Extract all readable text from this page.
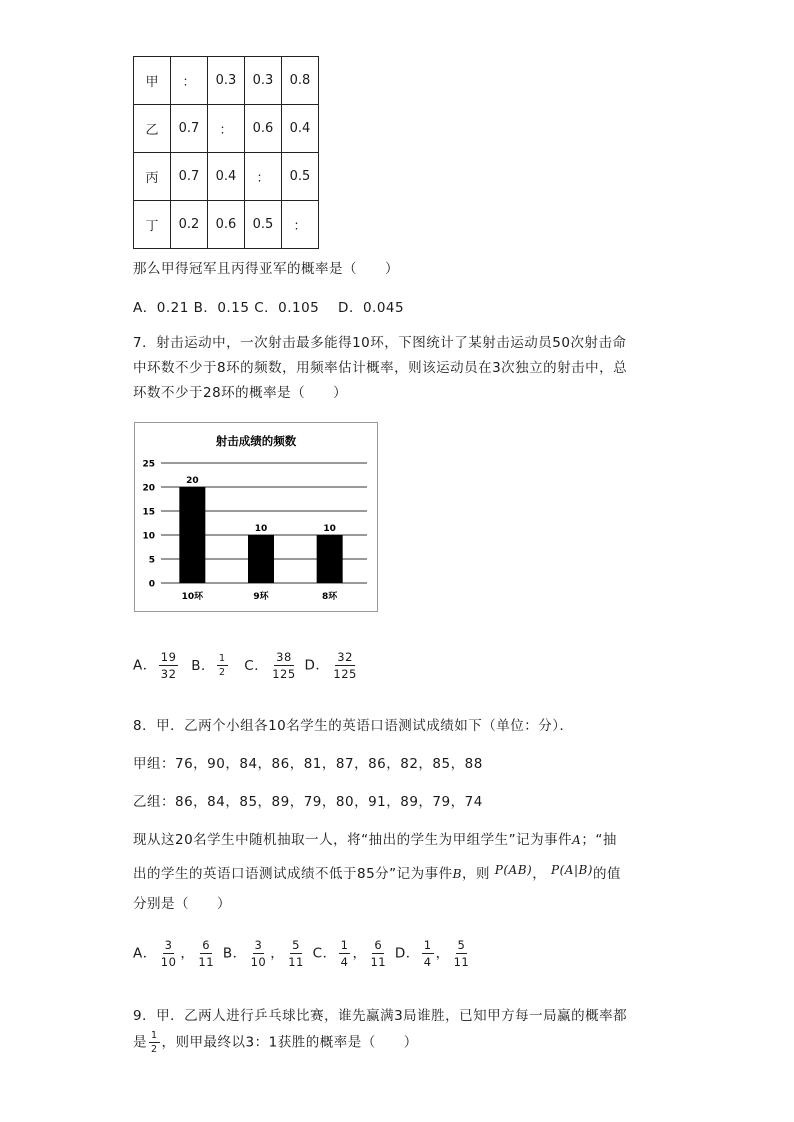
甲	：	0.3	0.3	0.8
乙	0.7	：	0.6	0.4
丙	0.7	0.4	：	0.5
丁	0.2	0.6	0.5	：
那么甲得冠军且丙得亚军的概率是（　　）
A．0.21 B．0.15 C．0.105　 D．0.045
7．射击运动中，一次射击最多能得10环，下图统计了某射击运动员50次射击命
中环数不少于8环的频数，用频率估计概率，则该运动员在3次独立的射击中，总
环数不少于28环的概率是（　　）
射击成绩的频数
0
5
10
15
20
25
20
10环
10
9环
10
8环
A． $\frac{19}{32}$ B． $\frac{1}{2}$ C． $\frac{38}{125}$ D． $\frac{32}{125}$
8．甲．乙两个小组各10名学生的英语口语测试成绩如下（单位：分）．
甲组：76，90，84，86，81，87，86，82，85，88
乙组：86，84，85，89，79，80，91，89，79，74
现从这20名学生中随机抽取一人，将“抽出的学生为甲组学生”记为事件A；“抽
出的学生的英语口语测试成绩不低于85分”记为事件B，则 P(AB)， P(A|B)的值
分别是（　　）
A． $\frac{3}{10}$ ， $\frac{6}{11}$ B． $\frac{3}{10}$ ， $\frac{5}{11}$ C． $\frac{1}{4}$ ， $\frac{6}{11}$ D． $\frac{1}{4}$ ， $\frac{5}{11}$
9．甲．乙两人进行乒乓球比赛，谁先赢满3局谁胜，已知甲方每一局赢的概率都
是 $\frac{1}{2}$ ，则甲最终以3：1获胜的概率是（　　）
